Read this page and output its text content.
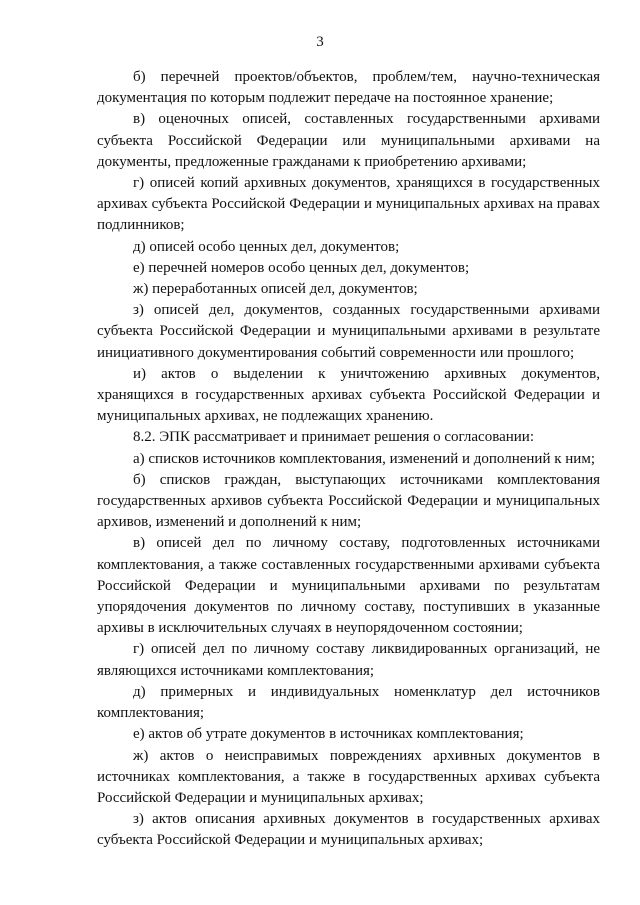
3

б) перечней проектов/объектов, проблем/тем, научно-техническая документация по которым подлежит передаче на постоянное хранение;

в) оценочных описей, составленных государственными архивами субъекта Российской Федерации или муниципальными архивами на документы, предложенные гражданами к приобретению архивами;

г) описей копий архивных документов, хранящихся в государственных архивах субъекта Российской Федерации и муниципальных архивах на правах подлинников;

д) описей особо ценных дел, документов;

е) перечней номеров особо ценных дел, документов;

ж) переработанных описей дел, документов;

з) описей дел, документов, созданных государственными архивами субъекта Российской Федерации и муниципальными архивами в результате инициативного документирования событий современности или прошлого;

и) актов о выделении к уничтожению архивных документов, хранящихся в государственных архивах субъекта Российской Федерации и муниципальных архивах, не подлежащих хранению.

8.2. ЭПК рассматривает и принимает решения о согласовании:

а) списков источников комплектования, изменений и дополнений к ним;

б) списков граждан, выступающих источниками комплектования государственных архивов субъекта Российской Федерации и муниципальных архивов, изменений и дополнений к ним;

в) описей дел по личному составу, подготовленных источниками комплектования, а также составленных государственными архивами субъекта Российской Федерации и муниципальными архивами по результатам упорядочения документов по личному составу, поступивших в указанные архивы в исключительных случаях в неупорядоченном состоянии;

г) описей дел по личному составу ликвидированных организаций, не являющихся источниками комплектования;

д) примерных и индивидуальных номенклатур дел источников комплектования;

е) актов об утрате документов в источниках комплектования;

ж) актов о неисправимых повреждениях архивных документов в источниках комплектования, а также в государственных архивах субъекта Российской Федерации и муниципальных архивах;

з) актов описания архивных документов в государственных архивах субъекта Российской Федерации и муниципальных архивах;
